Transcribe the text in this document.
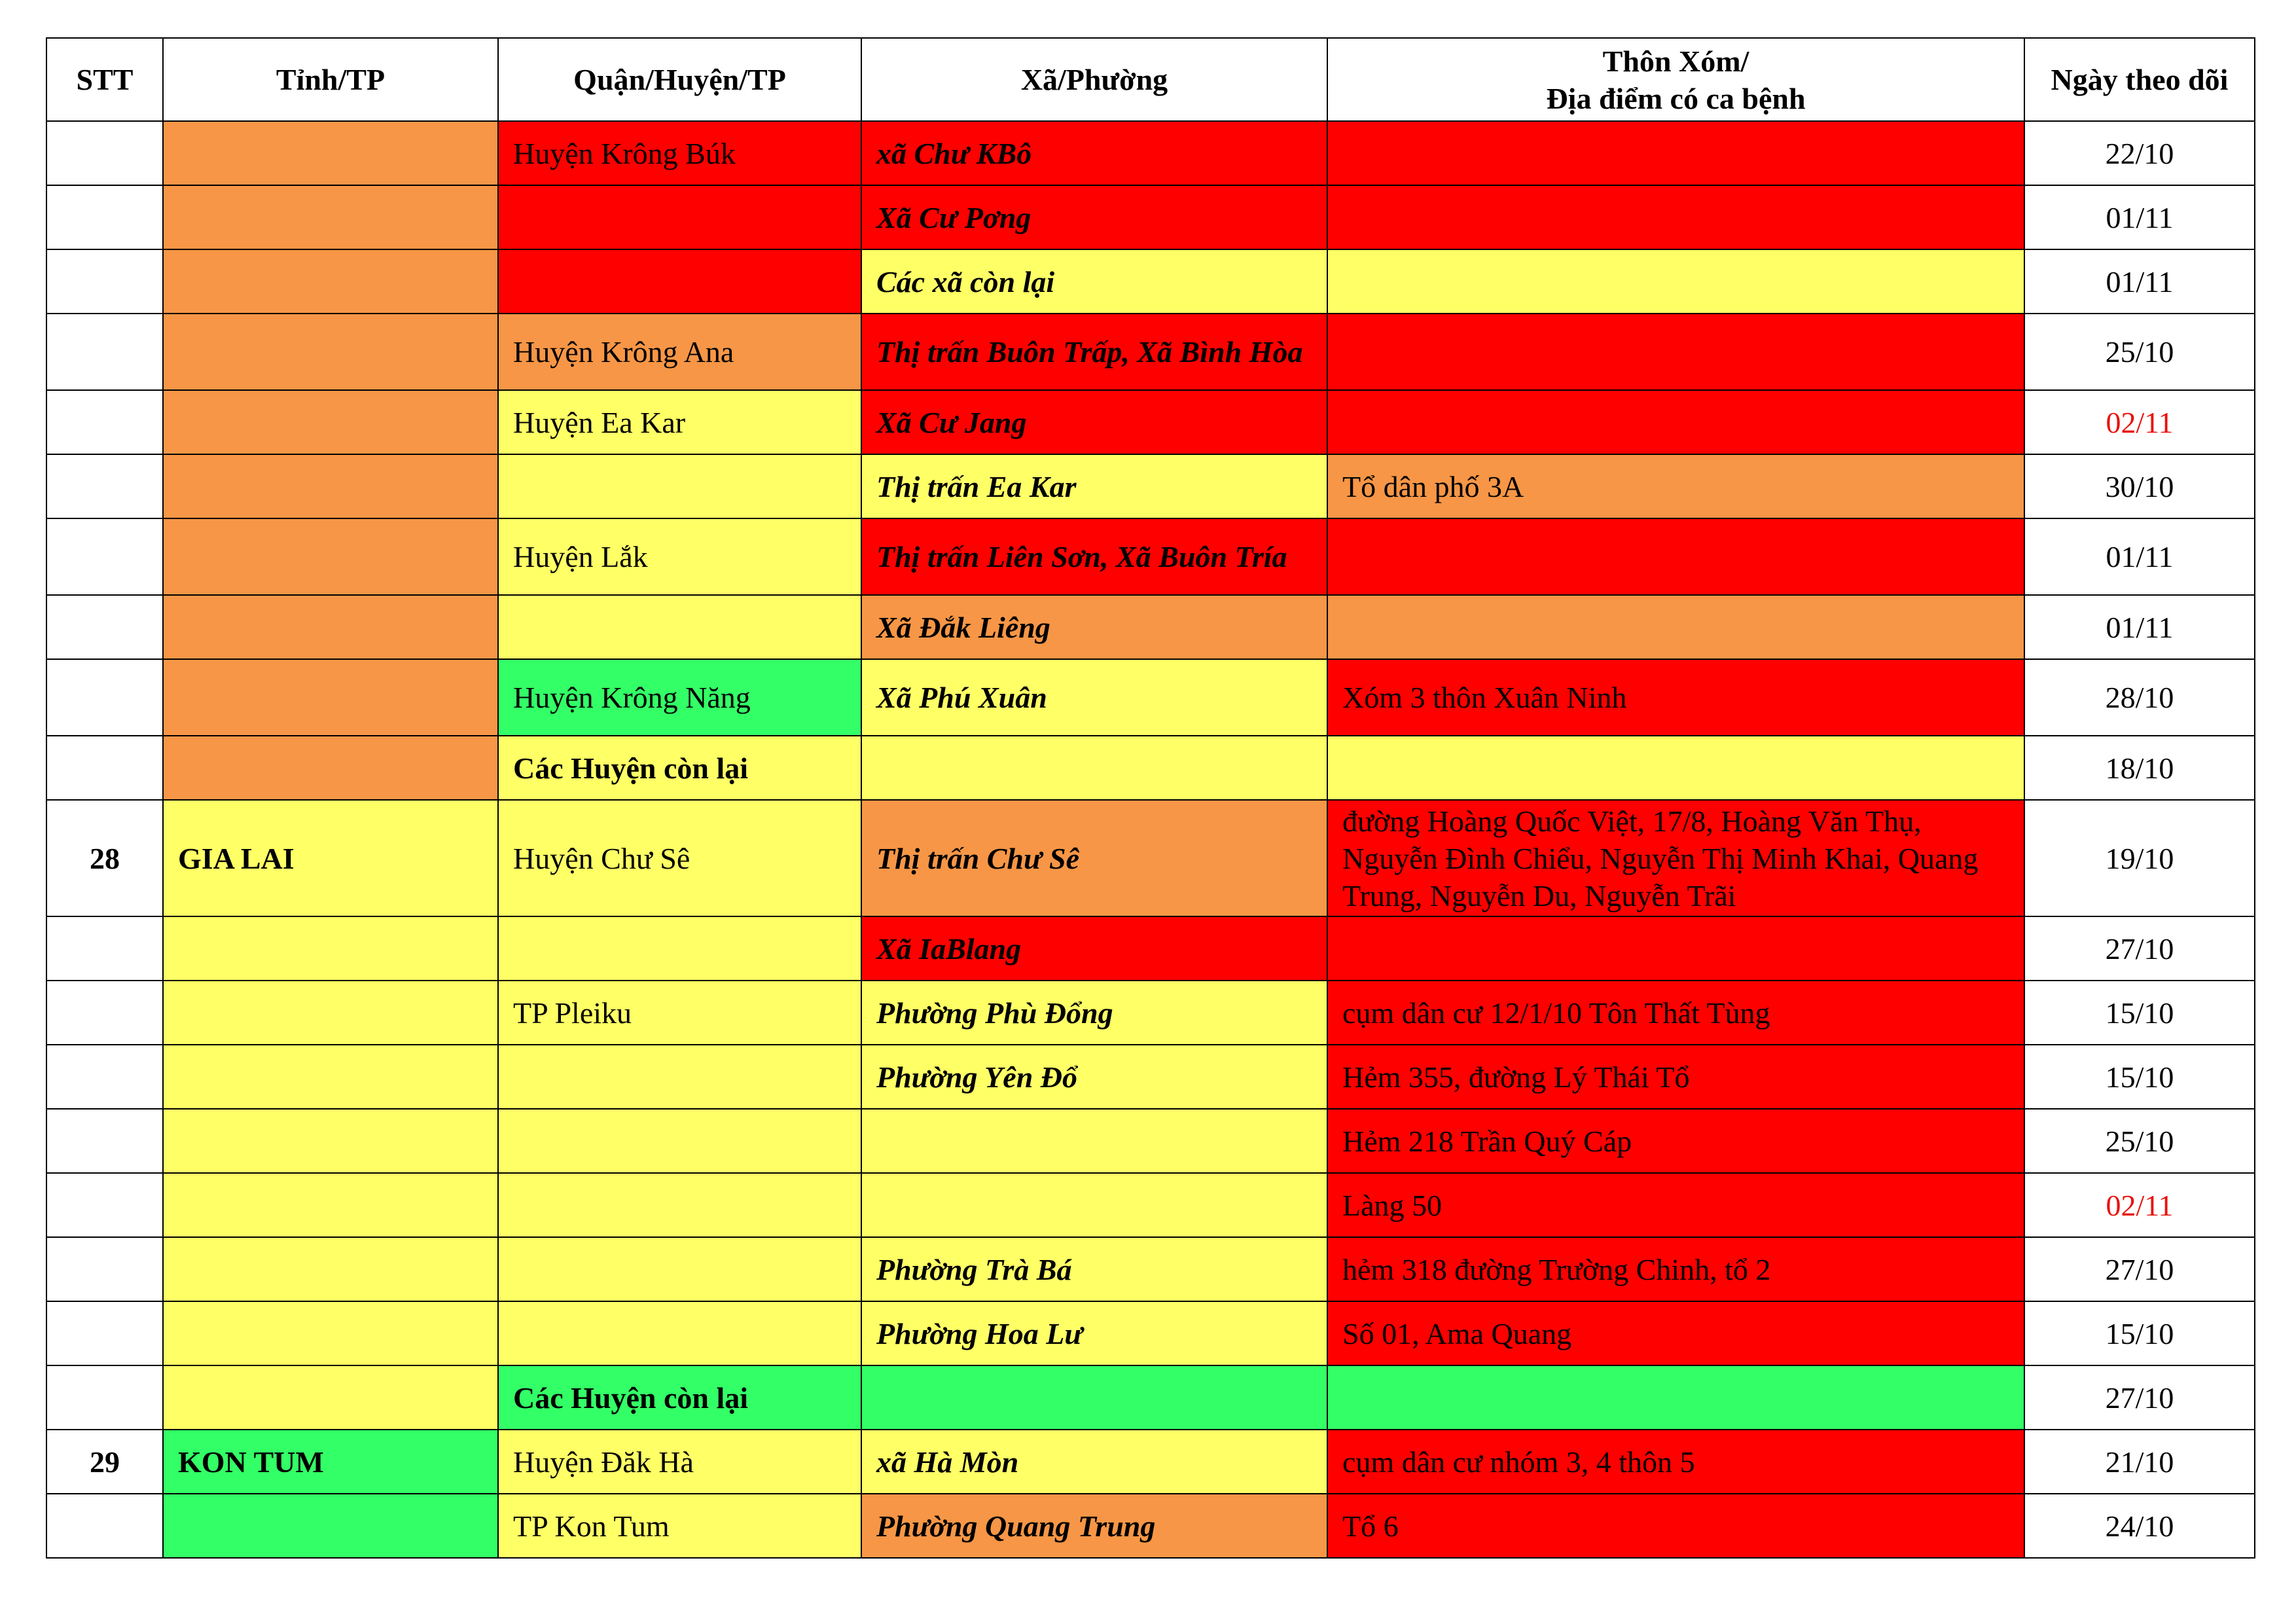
STT	Tỉnh/TP	Quận/Huyện/TP	Xã/Phường	Thôn Xóm/
Địa điểm có ca bệnh	Ngày theo dõi
		Huyện Krông Búk	xã Chư KBô		22/10
			Xã Cư Pơng		01/11
			Các xã còn lại		01/11
		Huyện Krông Ana	Thị trấn Buôn Trấp, Xã Bình Hòa		25/10
		Huyện Ea Kar	Xã Cư Jang		02/11
			Thị trấn Ea Kar	Tổ dân phố 3A	30/10
		Huyện Lắk	Thị trấn Liên Sơn, Xã Buôn Tría		01/11
			Xã Đắk Liêng		01/11
		Huyện Krông Năng	Xã Phú Xuân	Xóm 3 thôn Xuân Ninh	28/10
		Các Huyện còn lại			18/10
28	GIA LAI	Huyện Chư Sê	Thị trấn Chư Sê	đường Hoàng Quốc Việt, 17/8, Hoàng Văn Thụ, Nguyễn Đình Chiểu, Nguyễn Thị Minh Khai, Quang Trung, Nguyễn Du, Nguyễn Trãi	19/10
			Xã IaBlang		27/10
		TP Pleiku	Phường Phù Đổng	cụm dân cư 12/1/10 Tôn Thất Tùng	15/10
			Phường Yên Đổ	Hẻm 355, đường Lý Thái Tổ	15/10
				Hẻm 218 Trần Quý Cáp	25/10
				Làng 50	02/11
			Phường Trà Bá	hẻm 318 đường Trường Chinh, tổ 2	27/10
			Phường Hoa Lư	Số 01, Ama Quang	15/10
		Các Huyện còn lại			27/10
29	KON TUM	Huyện Đăk Hà	xã Hà Mòn	cụm dân cư nhóm 3, 4 thôn 5	21/10
		TP Kon Tum	Phường Quang Trung	Tổ 6	24/10
